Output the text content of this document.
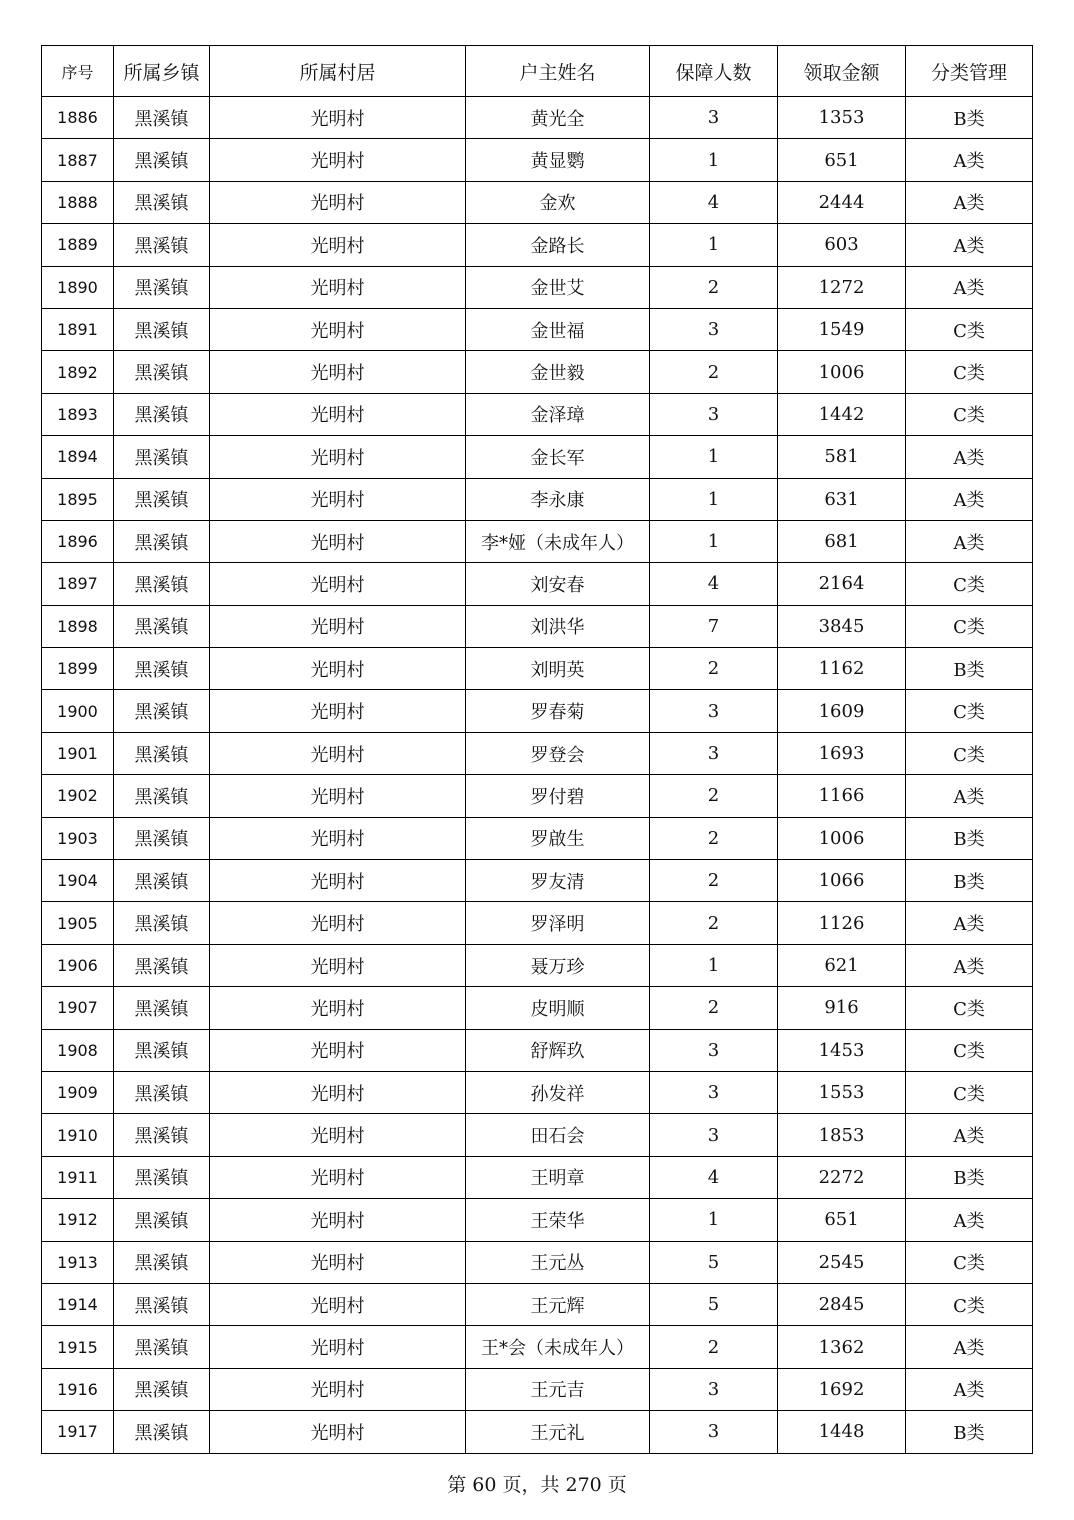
序号	所属乡镇	所属村居	户主姓名	保障人数	领取金额	分类管理
1886	黑溪镇	光明村	黄光全	3	1353	B类
1887	黑溪镇	光明村	黄显鹦	1	651	A类
1888	黑溪镇	光明村	金欢	4	2444	A类
1889	黑溪镇	光明村	金路长	1	603	A类
1890	黑溪镇	光明村	金世艾	2	1272	A类
1891	黑溪镇	光明村	金世福	3	1549	C类
1892	黑溪镇	光明村	金世毅	2	1006	C类
1893	黑溪镇	光明村	金泽璋	3	1442	C类
1894	黑溪镇	光明村	金长军	1	581	A类
1895	黑溪镇	光明村	李永康	1	631	A类
1896	黑溪镇	光明村	李*娅（未成年人）	1	681	A类
1897	黑溪镇	光明村	刘安春	4	2164	C类
1898	黑溪镇	光明村	刘洪华	7	3845	C类
1899	黑溪镇	光明村	刘明英	2	1162	B类
1900	黑溪镇	光明村	罗春菊	3	1609	C类
1901	黑溪镇	光明村	罗登会	3	1693	C类
1902	黑溪镇	光明村	罗付碧	2	1166	A类
1903	黑溪镇	光明村	罗啟生	2	1006	B类
1904	黑溪镇	光明村	罗友清	2	1066	B类
1905	黑溪镇	光明村	罗泽明	2	1126	A类
1906	黑溪镇	光明村	聂万珍	1	621	A类
1907	黑溪镇	光明村	皮明顺	2	916	C类
1908	黑溪镇	光明村	舒辉玖	3	1453	C类
1909	黑溪镇	光明村	孙发祥	3	1553	C类
1910	黑溪镇	光明村	田石会	3	1853	A类
1911	黑溪镇	光明村	王明章	4	2272	B类
1912	黑溪镇	光明村	王荣华	1	651	A类
1913	黑溪镇	光明村	王元丛	5	2545	C类
1914	黑溪镇	光明村	王元辉	5	2845	C类
1915	黑溪镇	光明村	王*会（未成年人）	2	1362	A类
1916	黑溪镇	光明村	王元吉	3	1692	A类
1917	黑溪镇	光明村	王元礼	3	1448	B类
第 60 页，共 270 页
